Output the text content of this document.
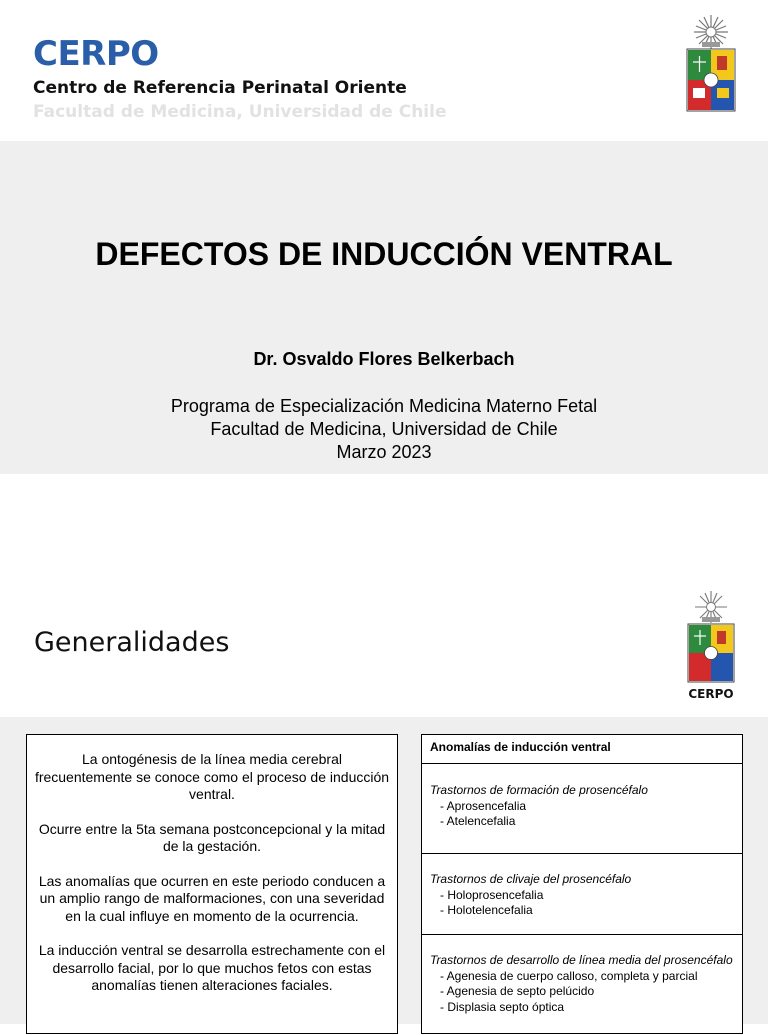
CERPO
Centro de Referencia Perinatal Oriente
Facultad de Medicina, Universidad de Chile
DEFECTOS DE INDUCCIÓN VENTRAL
Dr. Osvaldo Flores Belkerbach
Programa de Especialización Medicina Materno Fetal
Facultad de Medicina, Universidad de Chile
Marzo 2023
Generalidades
CERPO

La ontogénesis de la línea media cerebral frecuentemente se conoce como el proceso de inducción ventral.

Ocurre entre la 5ta semana postconcepcional y la mitad de la gestación.

Las anomalías que ocurren en este periodo conducen a un amplio rango de malformaciones, con una severidad en la cual influye en momento de la ocurrencia.

La inducción ventral se desarrolla estrechamente con el desarrollo facial, por lo que muchos fetos con estas anomalías tienen alteraciones faciales.

Anomalías de inducción ventral
Trastornos de formación de prosencéfalo
- Aprosencefalia
- Atelencefalia
Trastornos de clivaje del prosencéfalo
- Holoprosencefalia
- Holotelencefalia
Trastornos de desarrollo de línea media del prosencéfalo
- Agenesia de cuerpo calloso, completa y parcial
- Agenesia de septo pelúcido
- Displasia septo óptica
